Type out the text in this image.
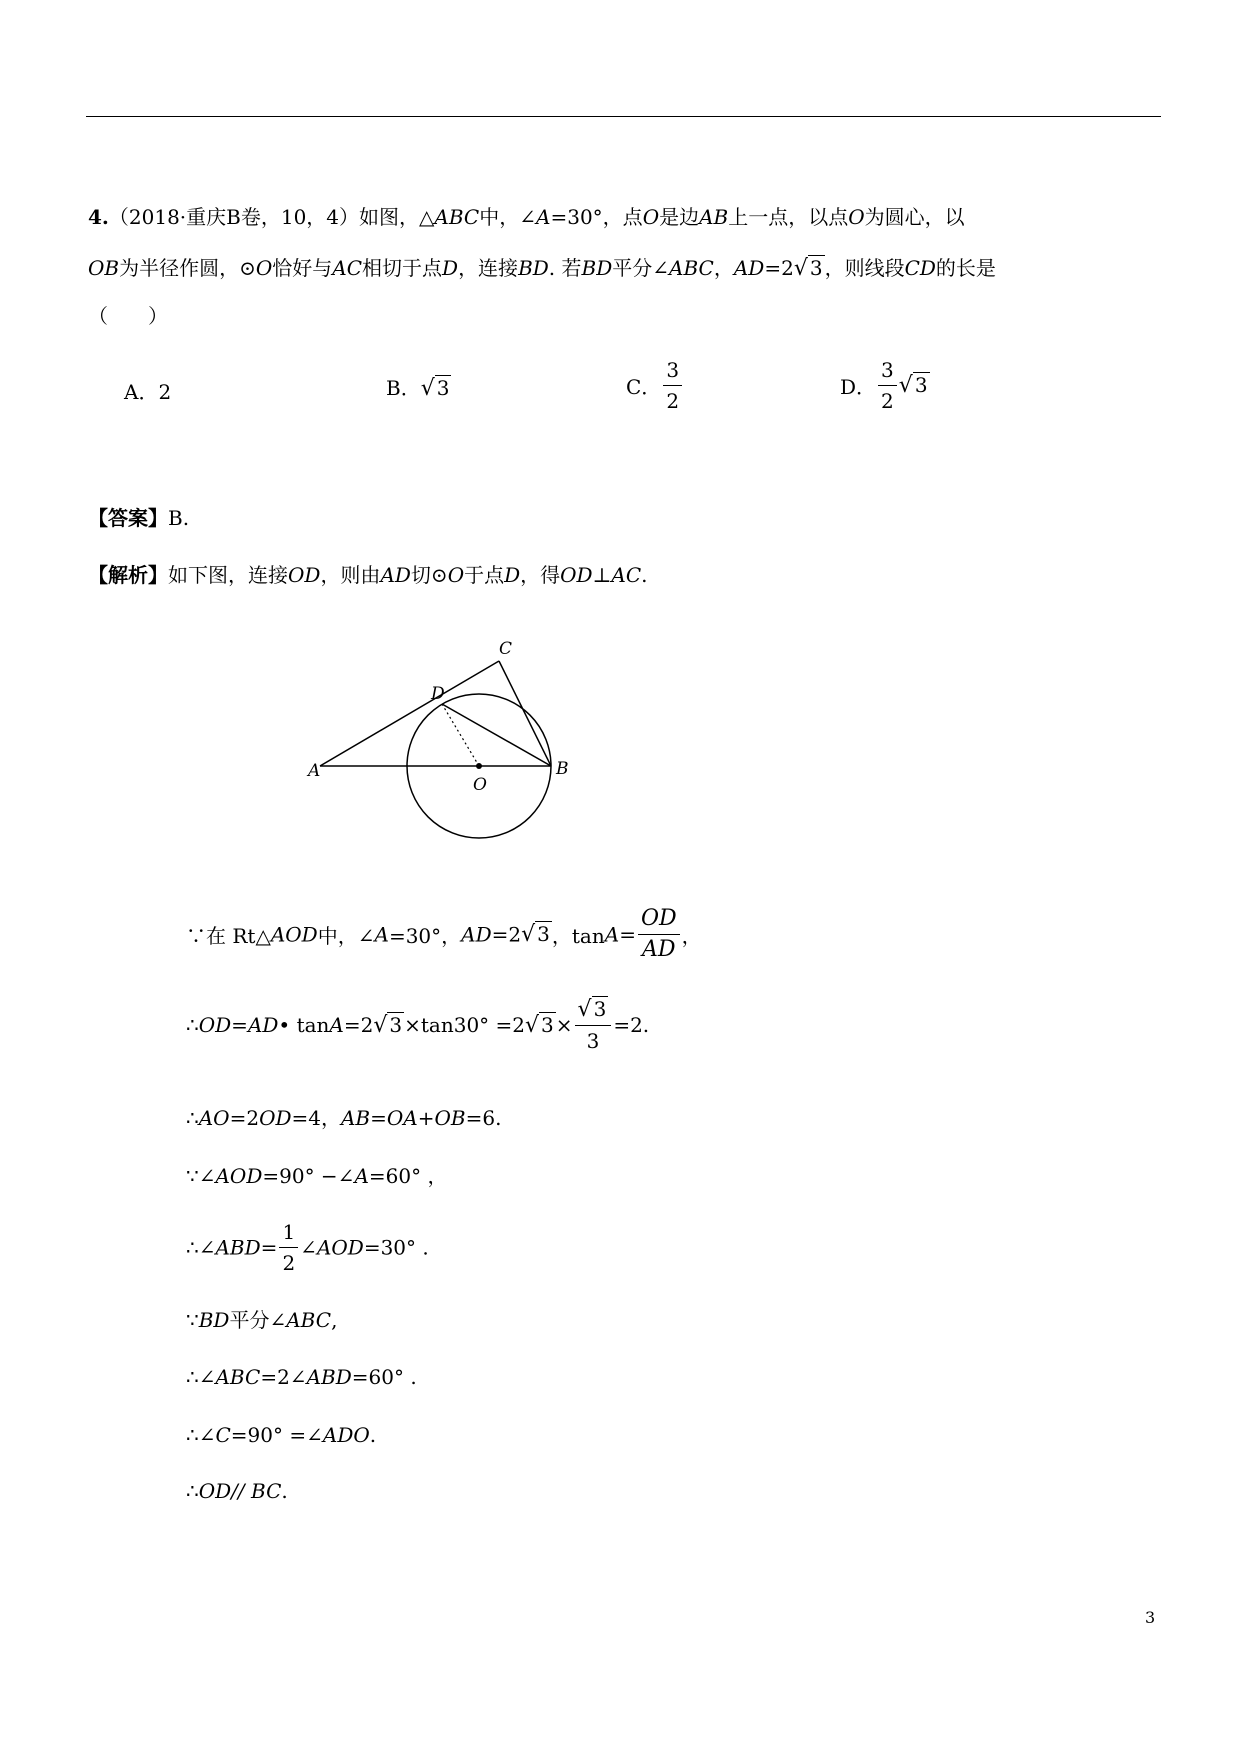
4.（2018·重庆B卷，10，4）如图，△ABC中，∠A=30°，点O是边AB上一点，以点O为圆心，以
OB为半径作圆，⊙O恰好与AC相切于点D，连接BD. 若BD平分∠ABC，AD=2√ 3 ，则线段CD的长是
（　　）
A．2	B．√ 3	C． $\frac{3}{2}$	D． $\frac{3}{2}$ √ 3
【答案】B.
【解析】如下图，连接OD，则由AD切⊙O于点D，得OD⊥AC.
A	B
C
D
O
∵在 Rt△AOD中，∠A=30°，AD=2√ 3 ，$\tan A= \frac{OD}{AD}$ ，
∴OD=AD• tanA=2√ 3 ×tan30° =2√ $3 \times \frac{√ 3}{3} =2$.
∴AO=2OD=4，AB=OA+OB=6.
∵∠AOD=90° −∠A=60° ，
∴∠ABD= $\frac{1}{2}$ ∠AOD=30° .
∵BD平分∠ABC,
∴∠ABC=2∠ABD=60° .
∴∠C=90° =∠ADO.
∴OD// BC.
3
